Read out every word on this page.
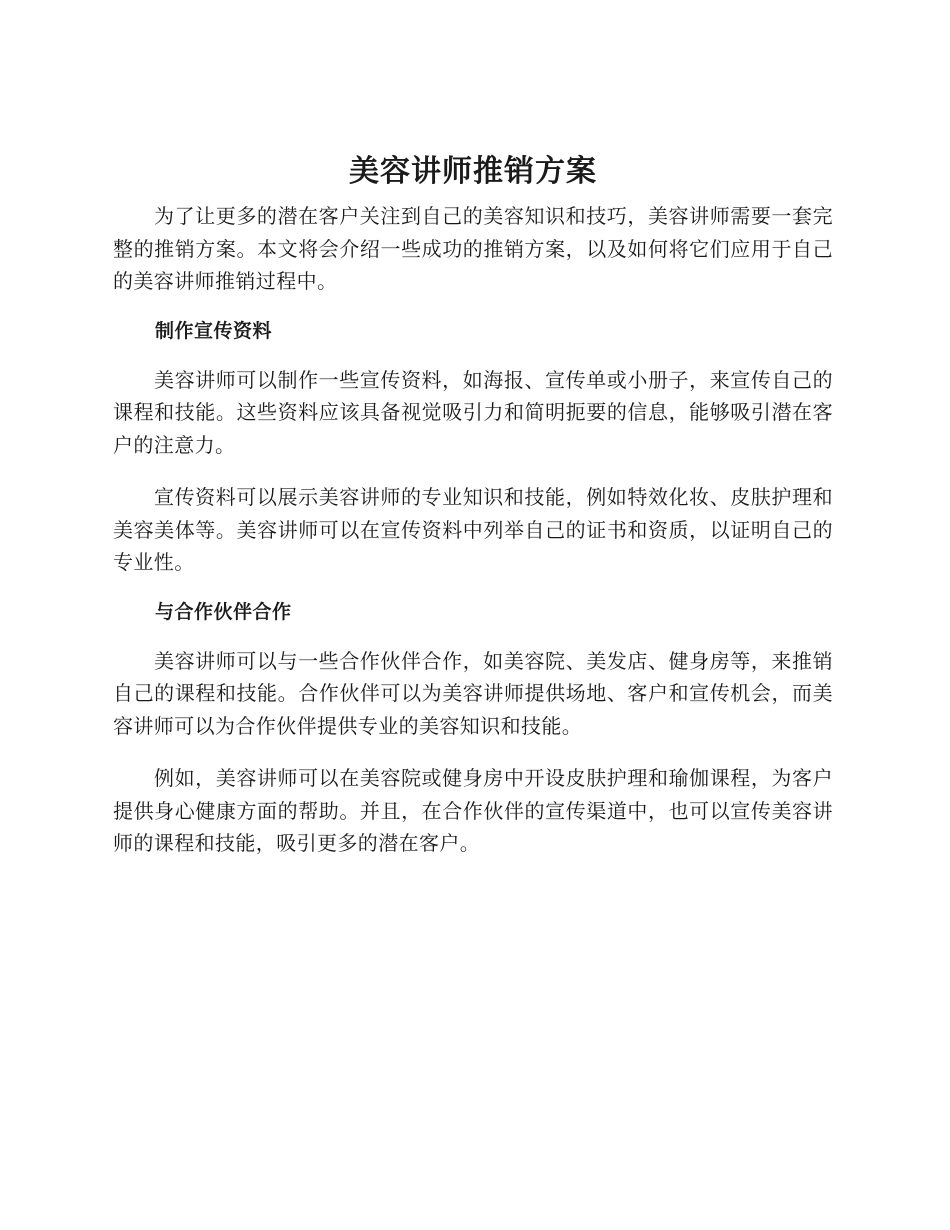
美容讲师推销方案

为了让更多的潜在客户关注到自己的美容知识和技巧，美容讲师需要一套完整的推销方案。本文将会介绍一些成功的推销方案，以及如何将它们应用于自己的美容讲师推销过程中。

制作宣传资料

美容讲师可以制作一些宣传资料，如海报、宣传单或小册子，来宣传自己的课程和技能。这些资料应该具备视觉吸引力和简明扼要的信息，能够吸引潜在客户的注意力。

宣传资料可以展示美容讲师的专业知识和技能，例如特效化妆、皮肤护理和美容美体等。美容讲师可以在宣传资料中列举自己的证书和资质，以证明自己的专业性。

与合作伙伴合作

美容讲师可以与一些合作伙伴合作，如美容院、美发店、健身房等，来推销自己的课程和技能。合作伙伴可以为美容讲师提供场地、客户和宣传机会，而美容讲师可以为合作伙伴提供专业的美容知识和技能。

例如，美容讲师可以在美容院或健身房中开设皮肤护理和瑜伽课程，为客户提供身心健康方面的帮助。并且，在合作伙伴的宣传渠道中，也可以宣传美容讲师的课程和技能，吸引更多的潜在客户。
